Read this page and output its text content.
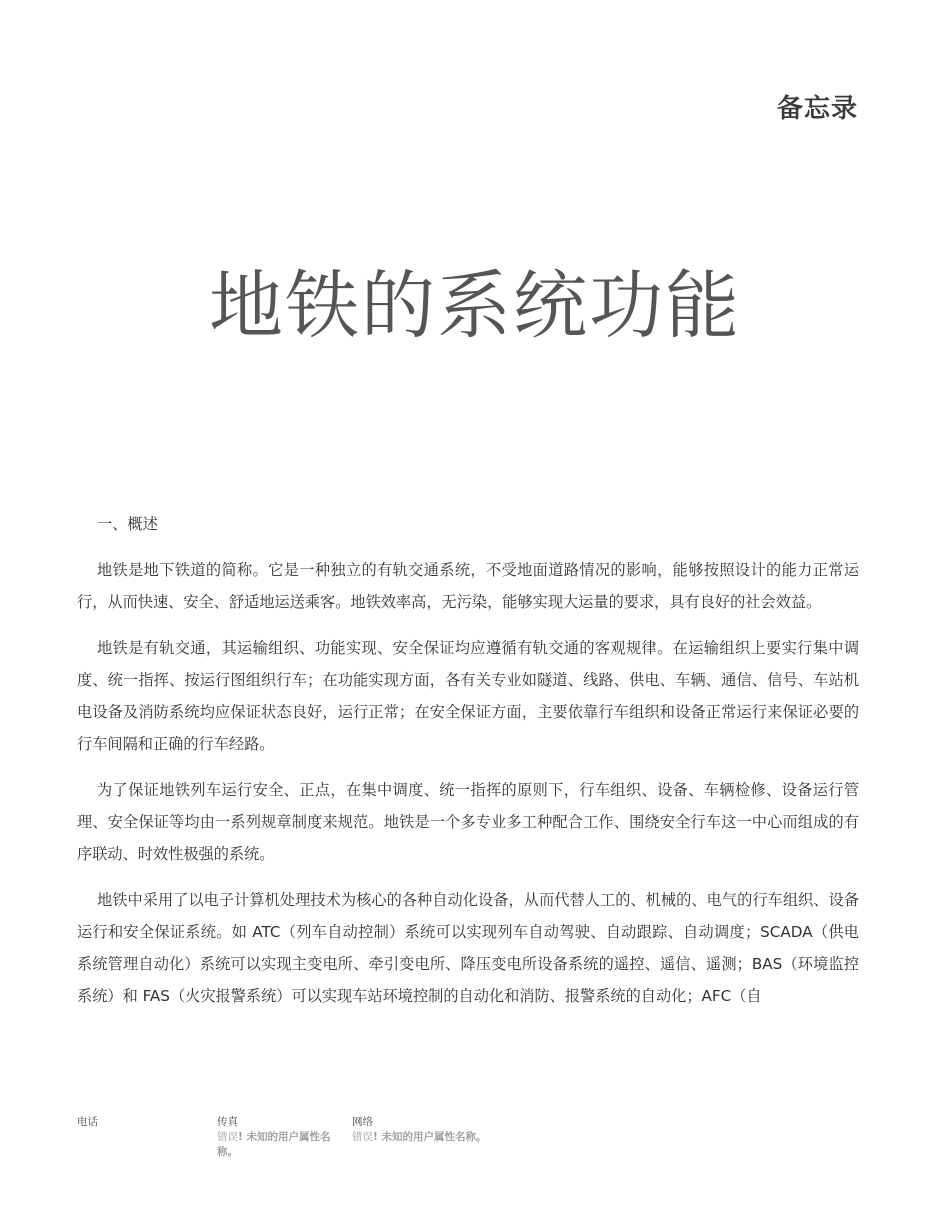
备忘录
地铁的系统功能

一、概述

地铁是地下铁道的简称。它是一种独立的有轨交通系统，不受地面道路情况的影响，能够按照设计的能力正常运行，从而快速、安全、舒适地运送乘客。地铁效率高，无污染，能够实现大运量的要求，具有良好的社会效益。

地铁是有轨交通，其运输组织、功能实现、安全保证均应遵循有轨交通的客观规律。在运输组织上要实行集中调度、统一指挥、按运行图组织行车；在功能实现方面，各有关专业如隧道、线路、供电、车辆、通信、信号、车站机电设备及消防系统均应保证状态良好，运行正常；在安全保证方面，主要依靠行车组织和设备正常运行来保证必要的行车间隔和正确的行车经路。

为了保证地铁列车运行安全、正点，在集中调度、统一指挥的原则下，行车组织、设备、车辆检修、设备运行管理、安全保证等均由一系列规章制度来规范。地铁是一个多专业多工种配合工作、围绕安全行车这一中心而组成的有序联动、时效性极强的系统。

地铁中采用了以电子计算机处理技术为核心的各种自动化设备，从而代替人工的、机械的、电气的行车组织、设备运行和安全保证系统。如 ATC（列车自动控制）系统可以实现列车自动驾驶、自动跟踪、自动调度；SCADA（供电系统管理自动化）系统可以实现主变电所、牵引变电所、降压变电所设备系统的遥控、遥信、遥测；BAS（环境监控系统）和 FAS（火灾报警系统）可以实现车站环境控制的自动化和消防、报警系统的自动化；AFC（自

电话	传真
错误! 未知的用户属性名称。
网络
错误! 未知的用户属性名称。
